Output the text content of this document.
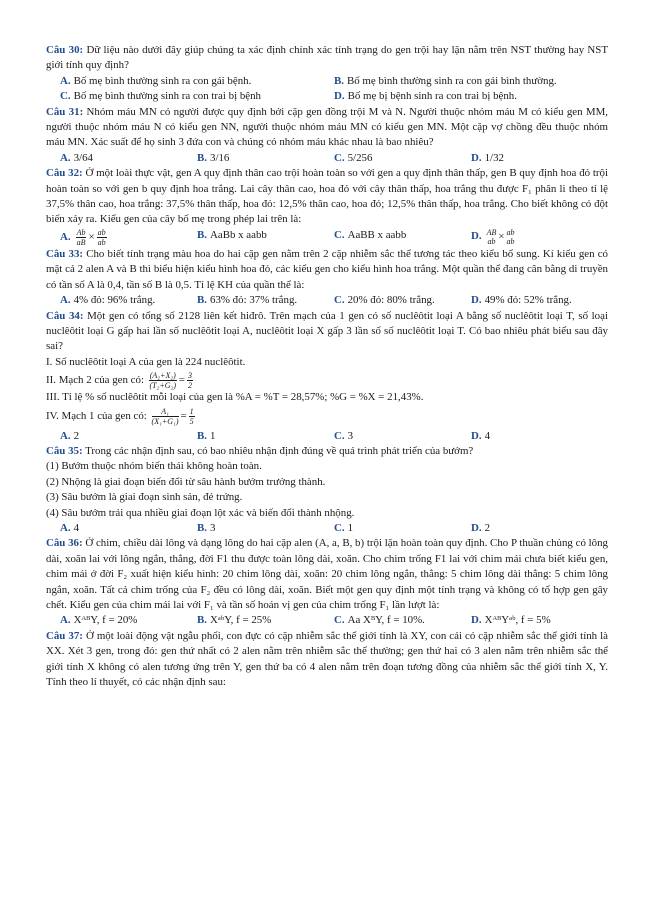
Câu 30: Dữ liệu nào dưới đây giúp chúng ta xác định chính xác tính trạng do gen trội hay lặn nằm trên NST thường hay NST giới tính quy định?

A. Bố mẹ bình thường sinh ra con gái bệnh.	B. Bố mẹ bình thường sinh ra con gái bình thường.
C. Bố mẹ bình thường sinh ra con trai bị bệnh	D. Bố mẹ bị bệnh sinh ra con trai bị bệnh.

Câu 31: Nhóm máu MN có người được quy định bởi cặp gen đồng trội M và N. Người thuộc nhóm máu M có kiểu gen MM, người thuộc nhóm máu N có kiểu gen NN, người thuộc nhóm máu MN có kiểu gen MN. Một cặp vợ chồng đều thuộc nhóm máu MN. Xác suất để họ sinh 3 đứa con và chúng có nhóm máu khác nhau là bao nhiêu?

A. 3/64	B. 3/16	C. 5/256	D. 1/32

Câu 32: Ở một loài thực vật, gen A quy định thân cao trội hoàn toàn so với gen a quy định thân thấp, gen B quy định hoa đỏ trội hoàn toàn so với gen b quy định hoa trắng. Lai cây thân cao, hoa đỏ với cây thân thấp, hoa trắng thu được F₁ phân li theo tỉ lệ 37,5% thân cao, hoa trắng: 37,5% thân thấp, hoa đỏ: 12,5% thân cao, hoa đỏ; 12,5% thân thấp, hoa trắng. Cho biết không có đột biến xảy ra. Kiểu gen của cây bố mẹ trong phép lai trên là:

A. $\frac{Ab}{aB} \times \frac{ab}{ab}$	B. AaBb x aabb	C. AaBB x aabb	D. AB
ab × ab
ab

Câu 33: Cho biết tính trạng màu hoa do hai cặp gen nằm trên 2 cặp nhiễm sắc thể tương tác theo kiểu bổ sung. Kí kiểu gen có mặt cả 2 alen A và B thì biểu hiện kiểu hình hoa đỏ, các kiểu gen cho kiểu hình hoa trắng. Một quần thể đang cân bằng di truyền có tần số A là 0,4, tần số B là 0,5. Tỉ lệ KH của quần thể là:

A. 4% đỏ: 96% trắng.	B. 63% đỏ: 37% trắng.	C. 20% đỏ: 80% trắng.	D. 49% đỏ: 52% trắng.

Câu 34: Một gen có tổng số 2128 liên kết hiđrô. Trên mạch của 1 gen có số nuclêôtit loại A bằng số nuclêôtit loại T, số loại nuclêôtit loại G gấp hai lần số nuclêôtit loại A, nuclêôtit loại X gấp 3 lần số số nuclêôtit loại T. Có bao nhiêu phát biểu sau đây sai?

I. Số nuclêôtit loại A của gen là 224 nuclêôtit.

II. Mạch 2 của gen có: $\frac{\text{(A₂+X₂)}}{\text{(T₂+G₂)}} = \frac{3}{2}$

III. Tỉ lệ % số nuclêôtit mỗi loại của gen là %A = %T = 28,57%; %G = %X = 21,43%.

IV. Mạch 1 của gen có: $\frac{\text{A₁}}{\text{(X₁+G₁)}} = \frac{1}{5}$

A. 2	B. 1	C. 3	D. 4

Câu 35: Trong các nhận định sau, có bao nhiêu nhận định đúng về quá trình phát triển của bướm?

(1) Bướm thuộc nhóm biến thái không hoàn toàn.

(2) Nhộng là giai đoạn biến đổi từ sâu hành bướm trưởng thành.

(3) Sâu bướm là giai đoạn sinh sản, đẻ trứng.

(4) Sâu bướm trải qua nhiều giai đoạn lột xác và biến đổi thành nhộng.

A. 4	B. 3	C. 1	D. 2

Câu 36: Ở chim, chiều dài lông và dạng lông do hai cặp alen (A, a, B, b) trội lặn hoàn toàn quy định. Cho P thuần chủng có lông dài, xoăn lai với lông ngắn, thẳng, đời F1 thu được toàn lông dài, xoăn. Cho chim trống F1 lai với chim mái chưa biết kiểu gen, chim mái ở đời F₂ xuất hiện kiểu hình: 20 chim lông dài, xoăn: 20 chim lông ngắn, thẳng: 5 chim lông dài thẳng: 5 chim lông ngắn, xoăn. Tất cả chim trống của F₂ đều có lông dài, xoăn. Biết một gen quy định một tính trạng và không có tổ hợp gen gây chết. Kiểu gen của chim mái lai với F₁ và tần số hoán vị gen của chim trống F₁ lần lượt là:

A. XᴬᴮY, f = 20%	B. XᵃᵇY, f = 25%	C. Aa XᴮY, f = 10%.	D. XᴬᴮYᵃᵇ, f = 5%

Câu 37: Ở một loài động vật ngẫu phối, con đực có cặp nhiễm sắc thể giới tính là XY, con cái có cặp nhiễm sắc thể giới tính là XX. Xét 3 gen, trong đó: gen thứ nhất có 2 alen nằm trên nhiễm sắc thể thường; gen thứ hai có 3 alen nằm trên nhiễm sắc thể giới tính X không có alen tương ứng trên Y, gen thứ ba có 4 alen nằm trên đoạn tương đồng của nhiễm sắc thể giới tính X, Y. Tính theo lí thuyết, có các nhận định sau:
